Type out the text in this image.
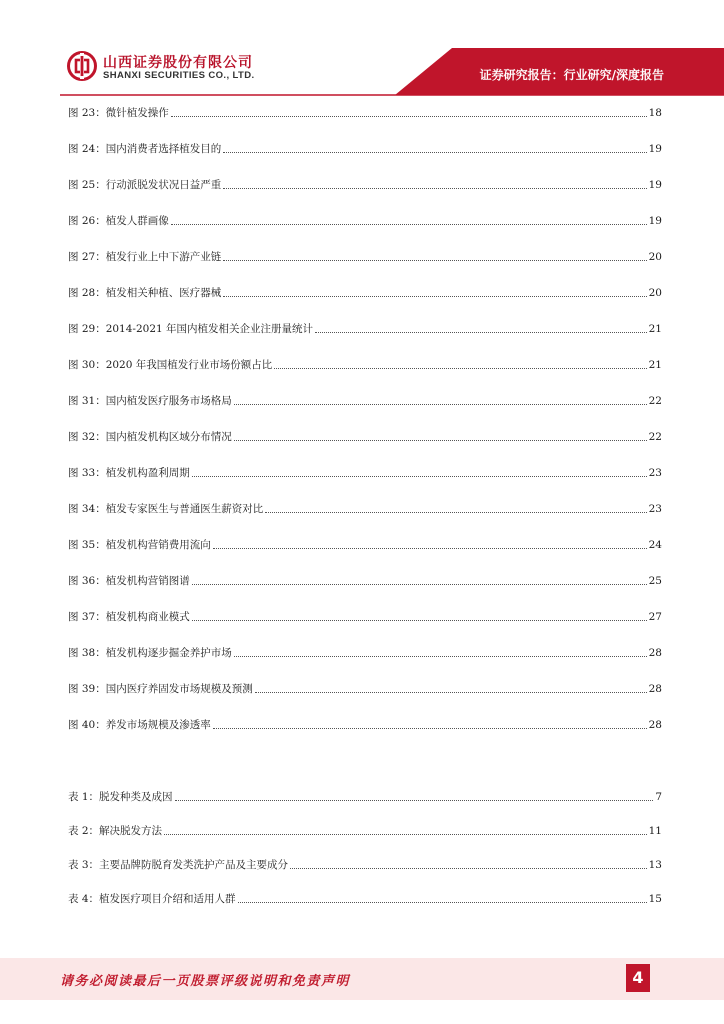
山西证券股份有限公司
SHANXI SECURITIES CO., LTD.	证券研究报告：行业研究/深度报告
图 23：微针植发操作	18
图 24：国内消费者选择植发目的	19
图 25：行动派脱发状况日益严重	19
图 26：植发人群画像	19
图 27：植发行业上中下游产业链	20
图 28：植发相关种植、医疗器械	20
图 29：2014-2021 年国内植发相关企业注册量统计	21
图 30：2020 年我国植发行业市场份额占比	21
图 31：国内植发医疗服务市场格局	22
图 32：国内植发机构区域分布情况	22
图 33：植发机构盈利周期	23
图 34：植发专家医生与普通医生薪资对比	23
图 35：植发机构营销费用流向	24
图 36：植发机构营销图谱	25
图 37：植发机构商业模式	27
图 38：植发机构逐步掘金养护市场	28
图 39：国内医疗养固发市场规模及预测	28
图 40：养发市场规模及渗透率	28
表 1：脱发种类及成因	7
表 2：解决脱发方法	11
表 3：主要品牌防脱育发类洗护产品及主要成分	13
表 4：植发医疗项目介绍和适用人群	15
请务必阅读最后一页股票评级说明和免责声明	4
